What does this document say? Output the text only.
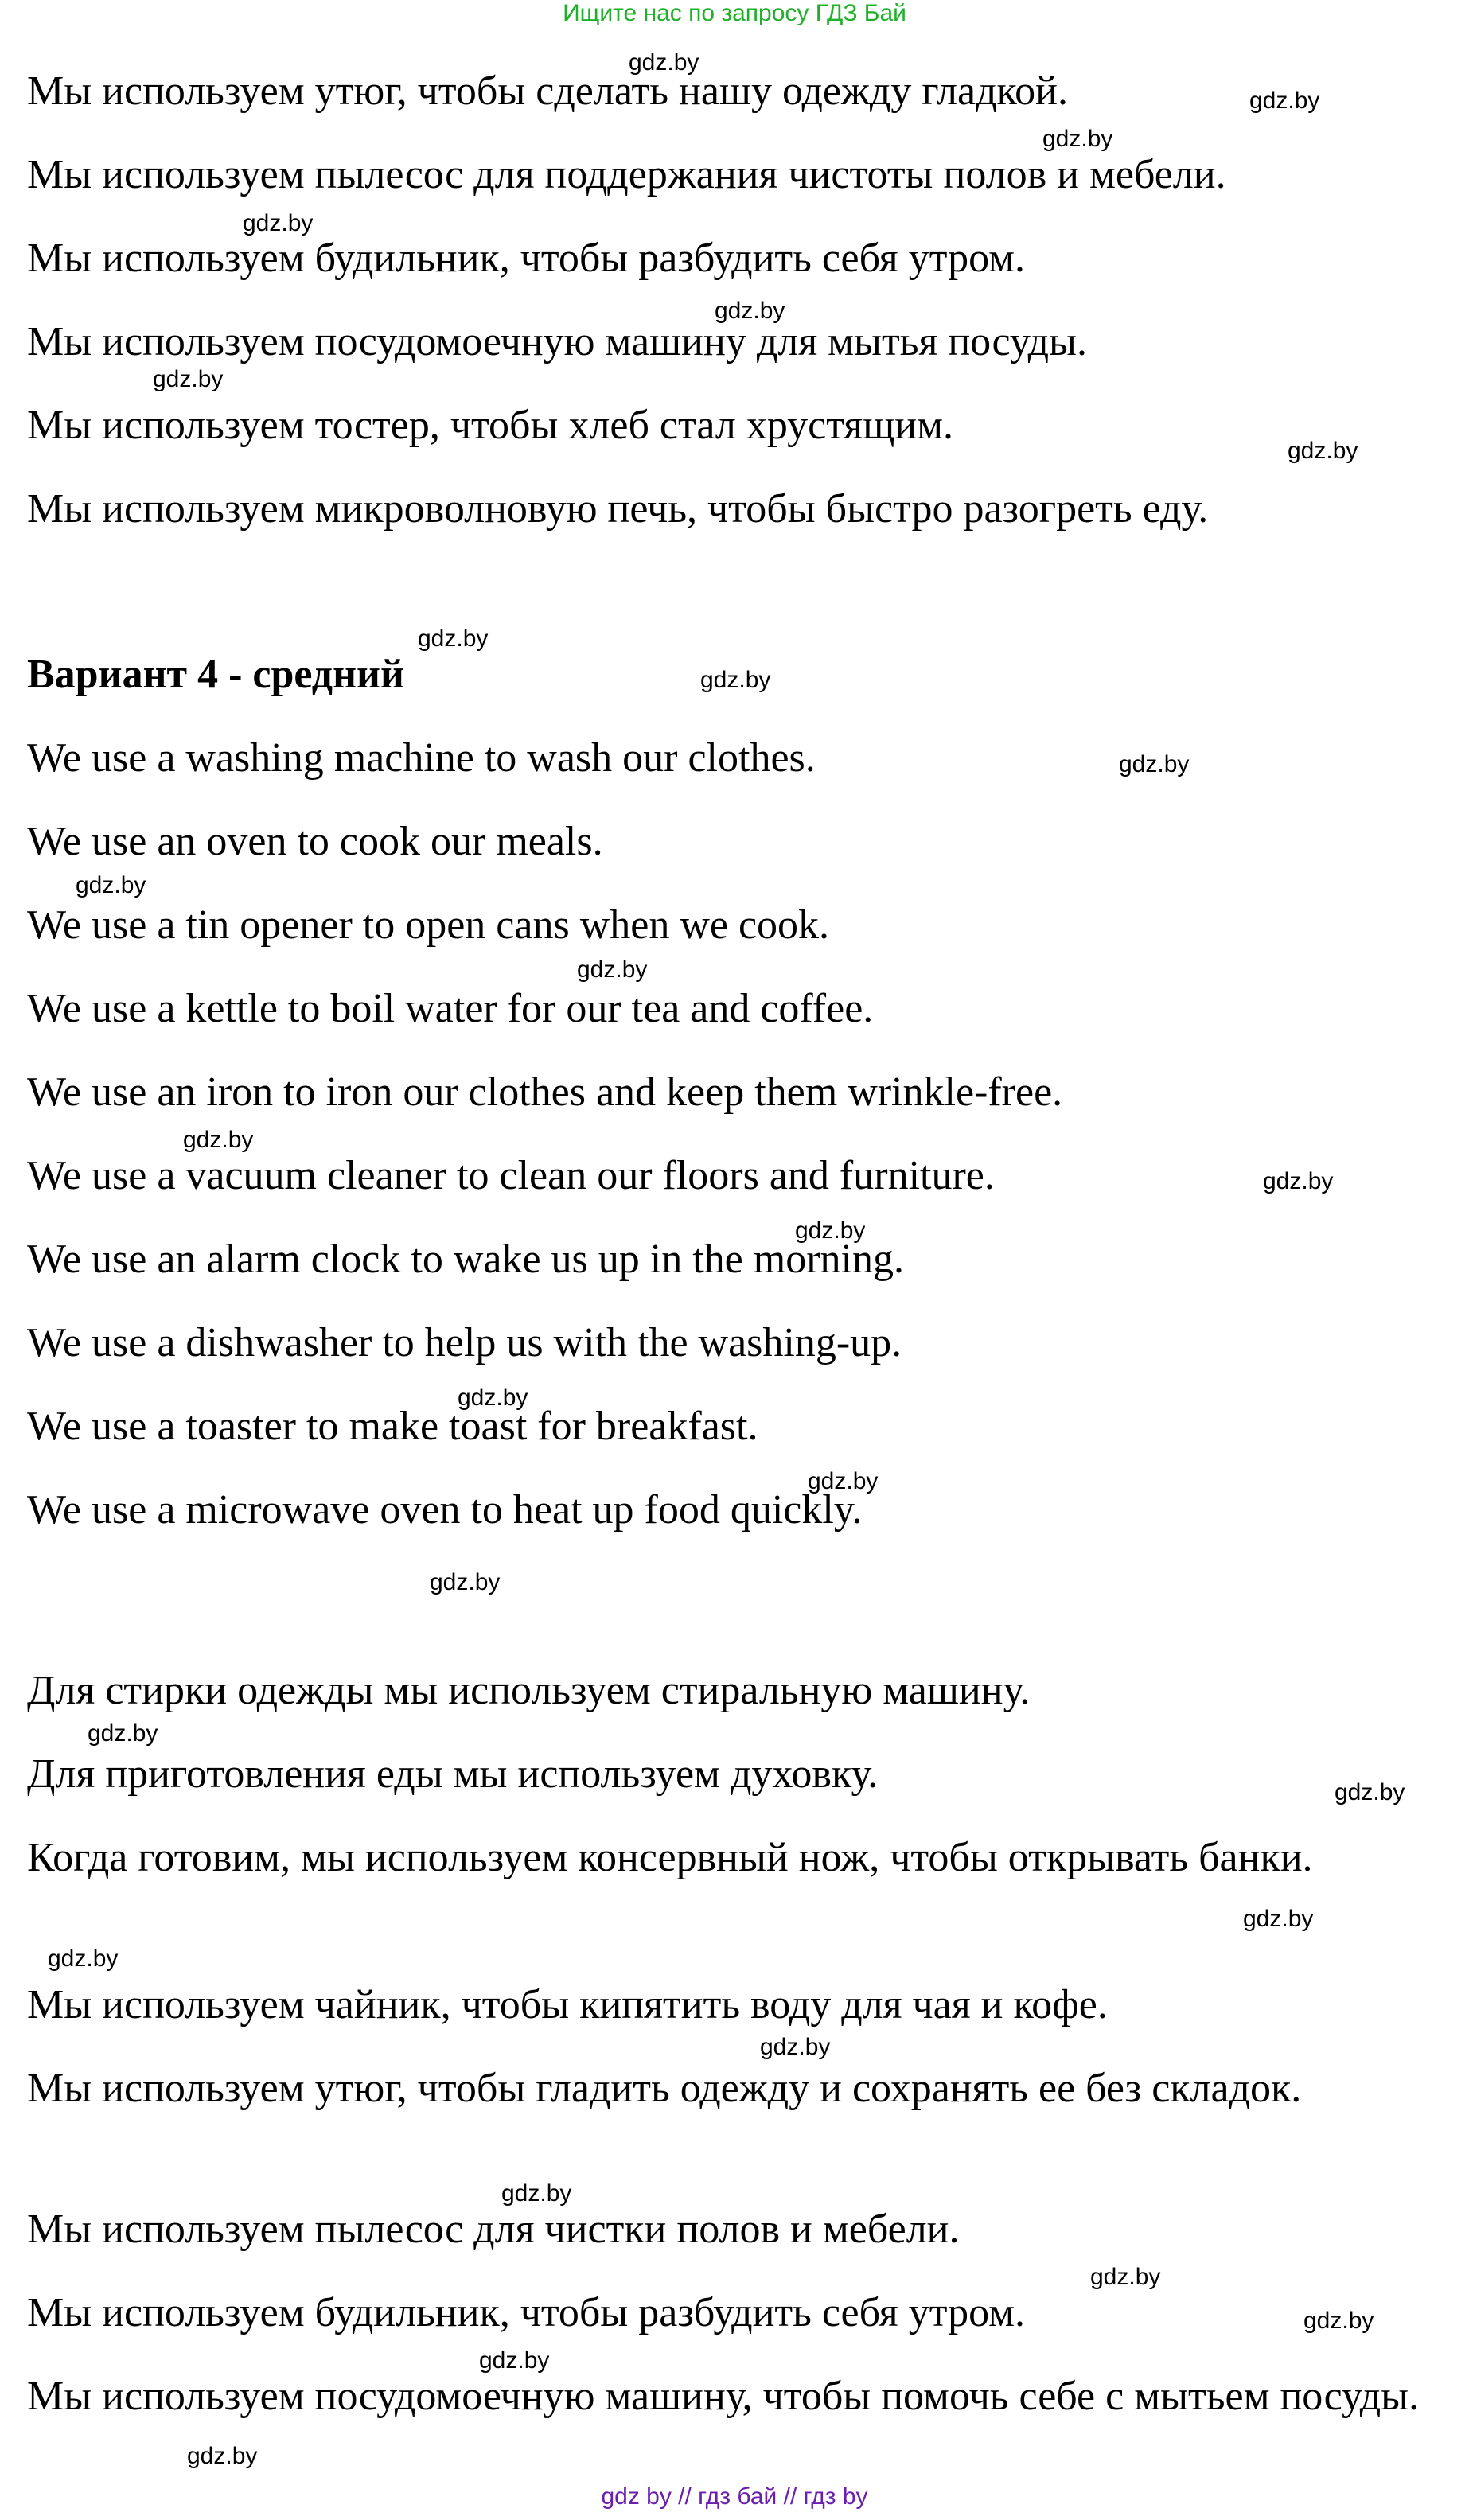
Ищите нас по запросу ГДЗ Бай

Мы используем утюг, чтобы сделать нашу одежду гладкой.

Мы используем пылесос для поддержания чистоты полов и мебели.

Мы используем будильник, чтобы разбудить себя утром.

Мы используем посудомоечную машину для мытья посуды.

Мы используем тостер, чтобы хлеб стал хрустящим.

Мы используем микроволновую печь, чтобы быстро разогреть еду.

Вариант 4 - средний

We use a washing machine to wash our clothes.

We use an oven to cook our meals.

We use a tin opener to open cans when we cook.

We use a kettle to boil water for our tea and coffee.

We use an iron to iron our clothes and keep them wrinkle-free.

We use a vacuum cleaner to clean our floors and furniture.

We use an alarm clock to wake us up in the morning.

We use a dishwasher to help us with the washing-up.

We use a toaster to make toast for breakfast.

We use a microwave oven to heat up food quickly.

Для стирки одежды мы используем стиральную машину.

Для приготовления еды мы используем духовку.

Когда готовим, мы используем консервный нож, чтобы открывать банки.

Мы используем чайник, чтобы кипятить воду для чая и кофе.

Мы используем утюг, чтобы гладить одежду и сохранять ее без складок.

Мы используем пылесос для чистки полов и мебели.

Мы используем будильник, чтобы разбудить себя утром.

Мы используем посудомоечную машину, чтобы помочь себе с мытьем посуды.

gdz.by
gdz.by
gdz.by
gdz.by
gdz.by
gdz.by
gdz.by
gdz.by
gdz.by
gdz.by
gdz.by
gdz.by
gdz.by
gdz.by
gdz.by
gdz.by
gdz.by
gdz.by
gdz.by
gdz.by
gdz.by
gdz.by
gdz.by
gdz.by
gdz.by
gdz.by
gdz.by
gdz.by
gdz by // гдз бай // гдз by
